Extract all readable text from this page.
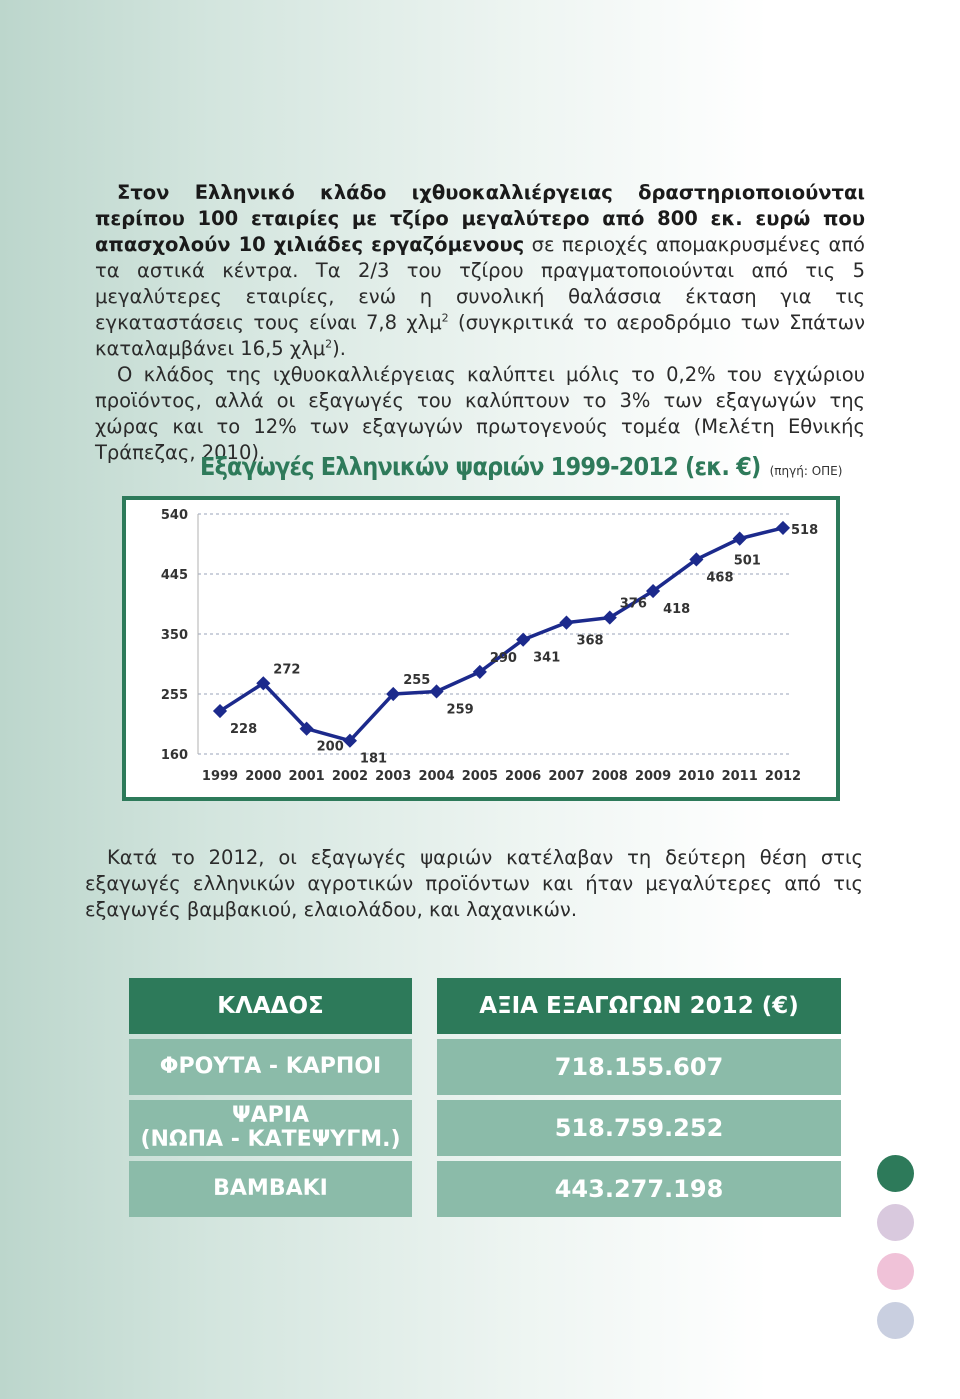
Στον Ελληνικό κλάδο ιχθυοκαλλιέργειας δραστηριοποιούνται περίπου 100 εταιρίες με τζίρο μεγαλύτερο από 800 εκ. ευρώ που απασχολούν 10 χιλιάδες εργαζόμενους σε περιοχές απομακρυσμένες από τα αστικά κέντρα. Τα 2/3 του τζίρου πραγματοποιούνται από τις 5 μεγαλύτερες εταιρίες, ενώ η συνολική θαλάσσια έκταση για τις εγκαταστάσεις τους είναι 7,8 χλμ$^2$ (συγκριτικά το αεροδρόμιο των Σπάτων καταλαμβάνει 16,5 χλμ$^2$).

Ο κλάδος της ιχθυοκαλλιέργειας καλύπτει μόλις το 0,2% του εγχώριου προϊόντος, αλλά οι εξαγωγές του καλύπτουν το 3% των εξαγωγών της χώρας και το 12% των εξαγωγών πρωτογενούς τομέα (Μελέτη Εθνικής Τράπεζας, 2010).

Εξαγωγές Ελληνικών ψαριών 1999-2012 (εκ. €) (πηγή: ΟΠΕ)
160
255
350
445
540
1999 2000 2001 2002 2003 2004 2005 2006 2007 2008 2009 2010 2011 2012
228
272
200
181
255
259
290 341
368
376 418
468
501
518

Κατά το 2012, οι εξαγωγές ψαριών κατέλαβαν τη δεύτερη θέση στις εξαγωγές ελληνικών αγροτικών προϊόντων και ήταν μεγαλύτερες από τις εξαγωγές βαμβακιού, ελαιολάδου, και λαχανικών.

ΚΛΑΔΟΣ	ΑΞΙΑ ΕΞΑΓΩΓΩΝ 2012 (€)
ΦΡΟΥΤΑ - ΚΑΡΠΟΙ	718.155.607
ΨΑΡΙΑ
(ΝΩΠΑ - ΚΑΤΕΨΥΓΜ.)	518.759.252
ΒΑΜΒΑΚΙ	443.277.198
